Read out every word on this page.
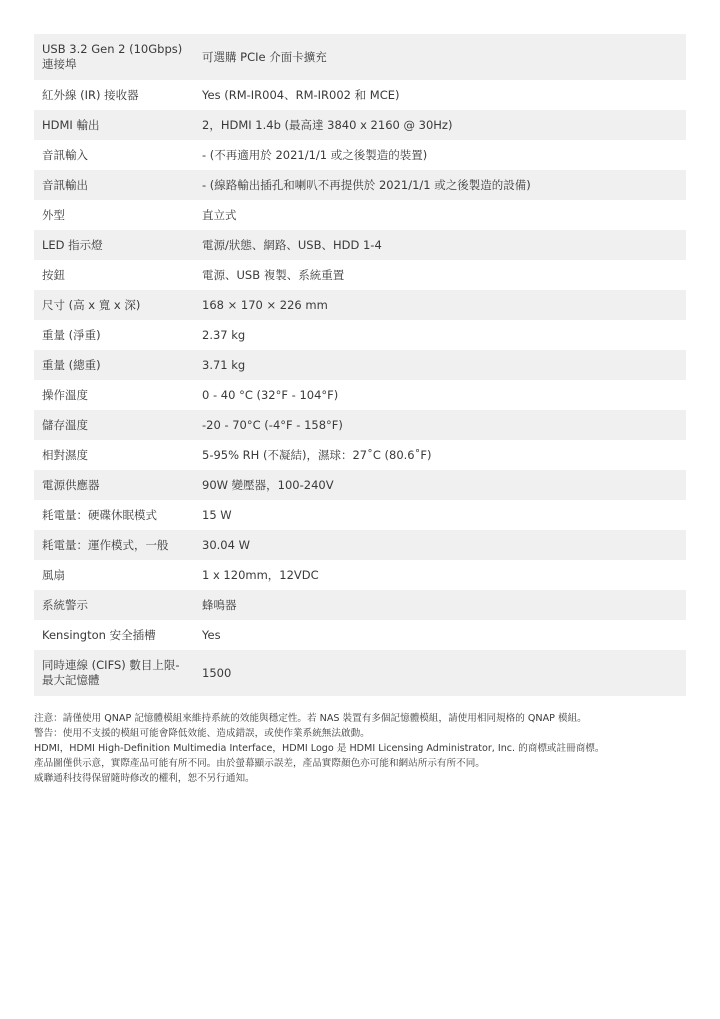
USB 3.2 Gen 2 (10Gbps) 連接埠	可選購 PCIe 介面卡擴充
紅外線 (IR) 接收器	Yes (RM-IR004、RM-IR002 和 MCE)
HDMI 輸出	2，HDMI 1.4b (最高達 3840 x 2160 @ 30Hz)
音訊輸入	- (不再適用於 2021/1/1 或之後製造的裝置)
音訊輸出	- (線路輸出插孔和喇叭不再提供於 2021/1/1 或之後製造的設備)
外型	直立式
LED 指示燈	電源/狀態、網路、USB、HDD 1-4
按鈕	電源、USB 複製、系統重置
尺寸 (高 x 寬 x 深)	168 × 170 × 226 mm
重量 (淨重)	2.37 kg
重量 (總重)	3.71 kg
操作溫度	0 - 40 °C (32°F - 104°F)
儲存溫度	-20 - 70°C (-4°F - 158°F)
相對濕度	5-95% RH (不凝結)，濕球：27˚C (80.6˚F)
電源供應器	90W 變壓器，100-240V
耗電量：硬碟休眠模式	15 W
耗電量：運作模式，一般	30.04 W
風扇	1 x 120mm，12VDC
系統警示	蜂鳴器
Kensington 安全插槽	Yes
同時連線 (CIFS) 數目上限-最大記憶體	1500
注意：請僅使用 QNAP 記憶體模組來維持系統的效能與穩定性。若 NAS 裝置有多個記憶體模組，請使用相同規格的 QNAP 模組。
警告：使用不支援的模組可能會降低效能、造成錯誤，或使作業系統無法啟動。
HDMI，HDMI High-Definition Multimedia Interface，HDMI Logo 是 HDMI Licensing Administrator, Inc. 的商標或註冊商標。
產品圖僅供示意，實際產品可能有所不同。由於螢幕顯示誤差，產品實際顏色亦可能和網站所示有所不同。
威聯通科技得保留隨時修改的權利，恕不另行通知。
